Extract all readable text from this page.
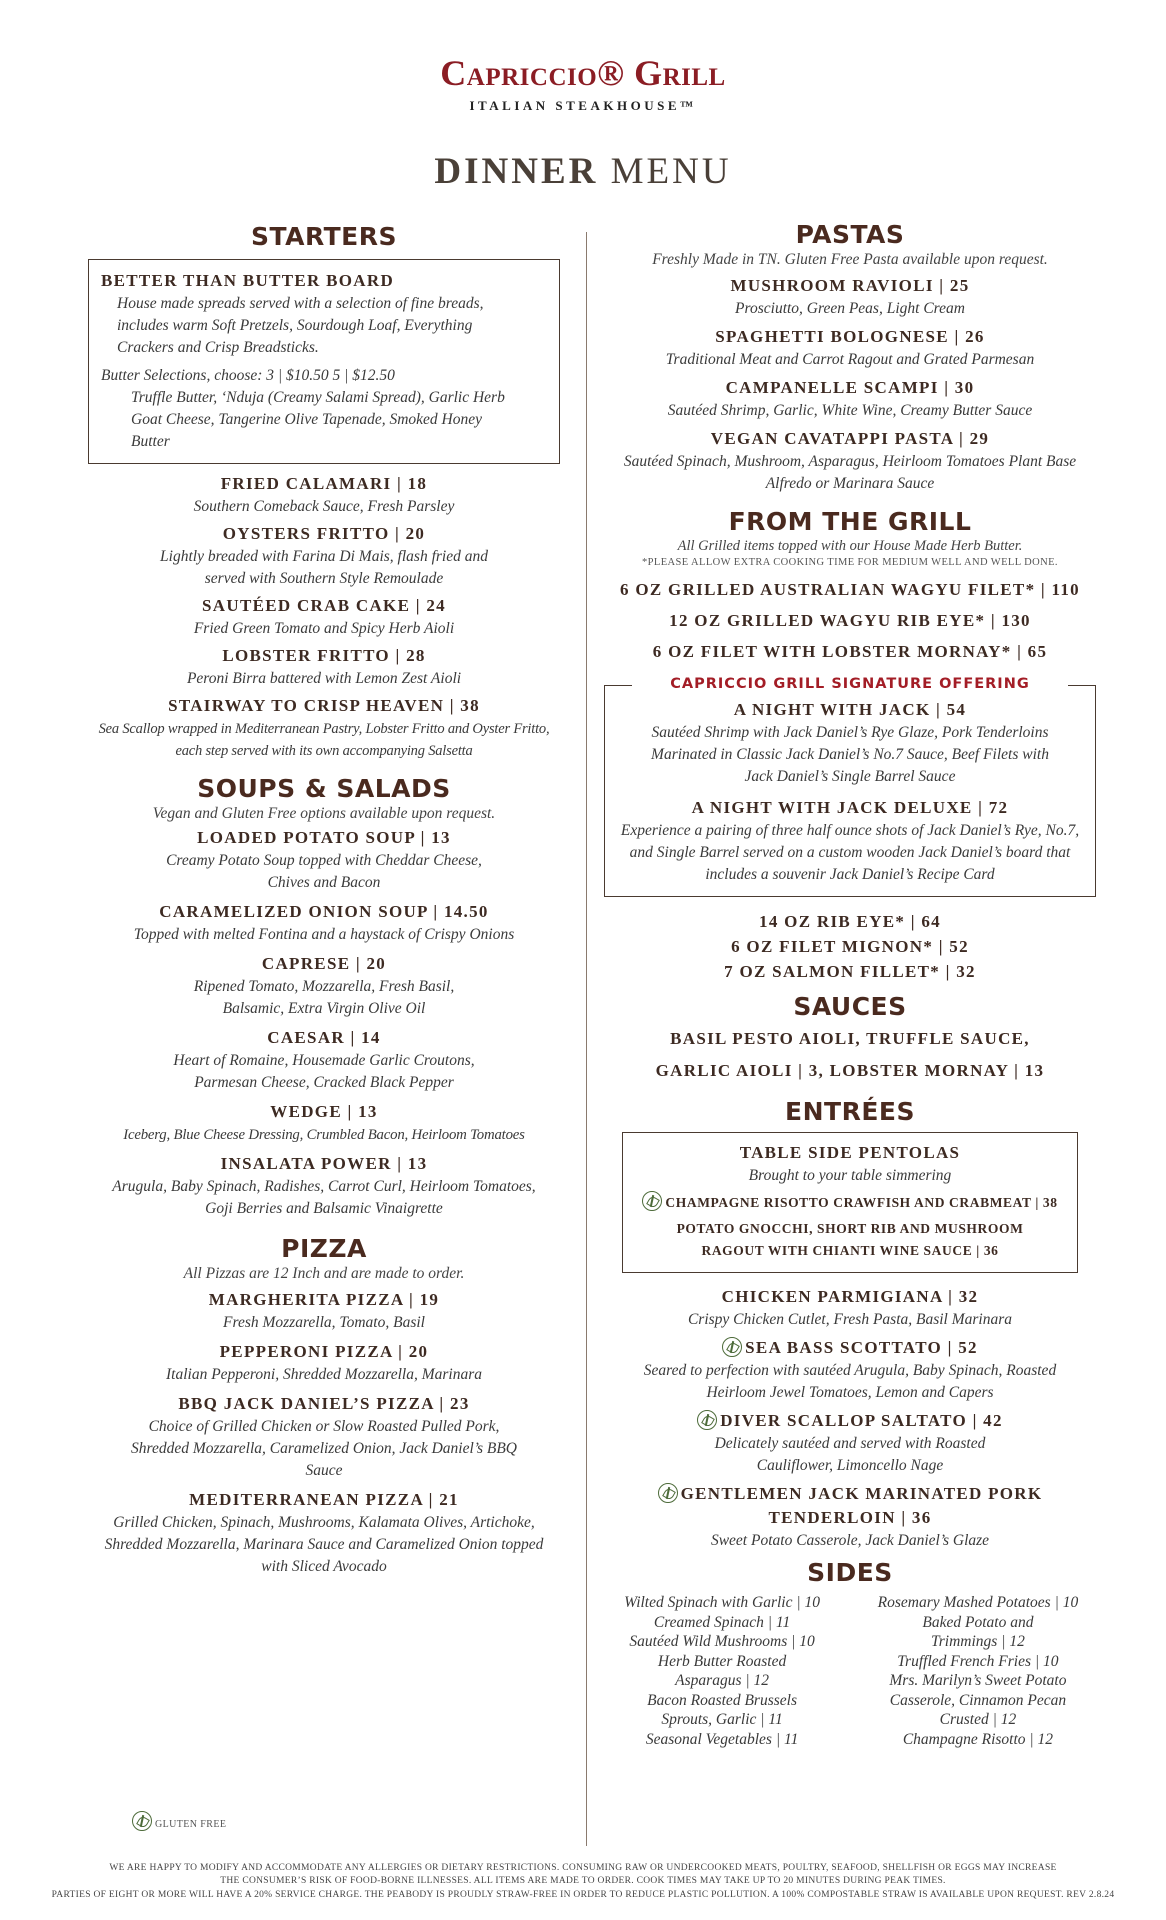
Capriccio® Grill
ITALIAN STEAKHOUSE™
DINNER MENU
STARTERS
BETTER THAN BUTTER BOARD
House made spreads served with a selection of fine breads, includes warm Soft Pretzels, Sourdough Loaf, Everything Crackers and Crisp Breadsticks.
Butter Selections, choose: 3 | $10.50 5 | $12.50
Truffle Butter, ‘Nduja (Creamy Salami Spread), Garlic Herb Goat Cheese, Tangerine Olive Tapenade, Smoked Honey Butter
FRIED CALAMARI | 18
Southern Comeback Sauce, Fresh Parsley
OYSTERS FRITTO | 20
Lightly breaded with Farina Di Mais, flash fried and served with Southern Style Remoulade
SAUTÉED CRAB CAKE | 24
Fried Green Tomato and Spicy Herb Aioli
LOBSTER FRITTO | 28
Peroni Birra battered with Lemon Zest Aioli
STAIRWAY TO CRISP HEAVEN | 38
Sea Scallop wrapped in Mediterranean Pastry, Lobster Fritto and Oyster Fritto, each step served with its own accompanying Salsetta
SOUPS & SALADS
Vegan and Gluten Free options available upon request.
LOADED POTATO SOUP | 13
Creamy Potato Soup topped with Cheddar Cheese, Chives and Bacon
CARAMELIZED ONION SOUP | 14.50
Topped with melted Fontina and a haystack of Crispy Onions
CAPRESE | 20
Ripened Tomato, Mozzarella, Fresh Basil, Balsamic, Extra Virgin Olive Oil
CAESAR | 14
Heart of Romaine, Housemade Garlic Croutons, Parmesan Cheese, Cracked Black Pepper
WEDGE | 13
Iceberg, Blue Cheese Dressing, Crumbled Bacon, Heirloom Tomatoes
INSALATA POWER | 13
Arugula, Baby Spinach, Radishes, Carrot Curl, Heirloom Tomatoes, Goji Berries and Balsamic Vinaigrette
PIZZA
All Pizzas are 12 Inch and are made to order.
MARGHERITA PIZZA | 19
Fresh Mozzarella, Tomato, Basil
PEPPERONI PIZZA | 20
Italian Pepperoni, Shredded Mozzarella, Marinara
BBQ JACK DANIEL’S PIZZA | 23
Choice of Grilled Chicken or Slow Roasted Pulled Pork, Shredded Mozzarella, Caramelized Onion, Jack Daniel’s BBQ Sauce
MEDITERRANEAN PIZZA | 21
Grilled Chicken, Spinach, Mushrooms, Kalamata Olives, Artichoke, Shredded Mozzarella, Marinara Sauce and Caramelized Onion topped with Sliced Avocado
PASTAS
Freshly Made in TN. Gluten Free Pasta available upon request.
MUSHROOM RAVIOLI | 25
Prosciutto, Green Peas, Light Cream
SPAGHETTI BOLOGNESE | 26
Traditional Meat and Carrot Ragout and Grated Parmesan
CAMPANELLE SCAMPI | 30
Sautéed Shrimp, Garlic, White Wine, Creamy Butter Sauce
VEGAN CAVATAPPI PASTA | 29
Sautéed Spinach, Mushroom, Asparagus, Heirloom Tomatoes Plant Base Alfredo or Marinara Sauce
FROM THE GRILL
All Grilled items topped with our House Made Herb Butter.
*PLEASE ALLOW EXTRA COOKING TIME FOR MEDIUM WELL AND WELL DONE.
6 OZ GRILLED AUSTRALIAN WAGYU FILET* | 110
12 OZ GRILLED WAGYU RIB EYE* | 130
6 OZ FILET WITH LOBSTER MORNAY* | 65
CAPRICCIO GRILL SIGNATURE OFFERING
A NIGHT WITH JACK | 54
Sautéed Shrimp with Jack Daniel’s Rye Glaze, Pork Tenderloins Marinated in Classic Jack Daniel’s No.7 Sauce, Beef Filets with Jack Daniel’s Single Barrel Sauce
A NIGHT WITH JACK DELUXE | 72
Experience a pairing of three half ounce shots of Jack Daniel’s Rye, No.7, and Single Barrel served on a custom wooden Jack Daniel’s board that includes a souvenir Jack Daniel’s Recipe Card
14 OZ RIB EYE* | 64
6 OZ FILET MIGNON* | 52
7 OZ SALMON FILLET* | 32
SAUCES
BASIL PESTO AIOLI, TRUFFLE SAUCE,
GARLIC AIOLI | 3, LOBSTER MORNAY | 13
ENTRÉES
TABLE SIDE PENTOLAS
Brought to your table simmering
CHAMPAGNE RISOTTO CRAWFISH AND CRABMEAT | 38
POTATO GNOCCHI, SHORT RIB AND MUSHROOM RAGOUT WITH CHIANTI WINE SAUCE | 36
CHICKEN PARMIGIANA | 32
Crispy Chicken Cutlet, Fresh Pasta, Basil Marinara
SEA BASS SCOTTATO | 52
Seared to perfection with sautéed Arugula, Baby Spinach, Roasted Heirloom Jewel Tomatoes, Lemon and Capers
DIVER SCALLOP SALTATO | 42
Delicately sautéed and served with Roasted Cauliflower, Limoncello Nage
GENTLEMEN JACK MARINATED PORK TENDERLOIN | 36
Sweet Potato Casserole, Jack Daniel’s Glaze
SIDES
Wilted Spinach with Garlic | 10
Creamed Spinach | 11
Sautéed Wild Mushrooms | 10
Herb Butter Roasted Asparagus | 12
Bacon Roasted Brussels Sprouts, Garlic | 11
Seasonal Vegetables | 11
Rosemary Mashed Potatoes | 10
Baked Potato and Trimmings | 12
Truffled French Fries | 10
Mrs. Marilyn’s Sweet Potato Casserole, Cinnamon Pecan Crusted | 12
Champagne Risotto | 12
GLUTEN FREE
WE ARE HAPPY TO MODIFY AND ACCOMMODATE ANY ALLERGIES OR DIETARY RESTRICTIONS. CONSUMING RAW OR UNDERCOOKED MEATS, POULTRY, SEAFOOD, SHELLFISH OR EGGS MAY INCREASE
THE CONSUMER’S RISK OF FOOD-BORNE ILLNESSES. ALL ITEMS ARE MADE TO ORDER. COOK TIMES MAY TAKE UP TO 20 MINUTES DURING PEAK TIMES.
PARTIES OF EIGHT OR MORE WILL HAVE A 20% SERVICE CHARGE. THE PEABODY IS PROUDLY STRAW-FREE IN ORDER TO REDUCE PLASTIC POLLUTION. A 100% COMPOSTABLE STRAW IS AVAILABLE UPON REQUEST. REV 2.8.24
